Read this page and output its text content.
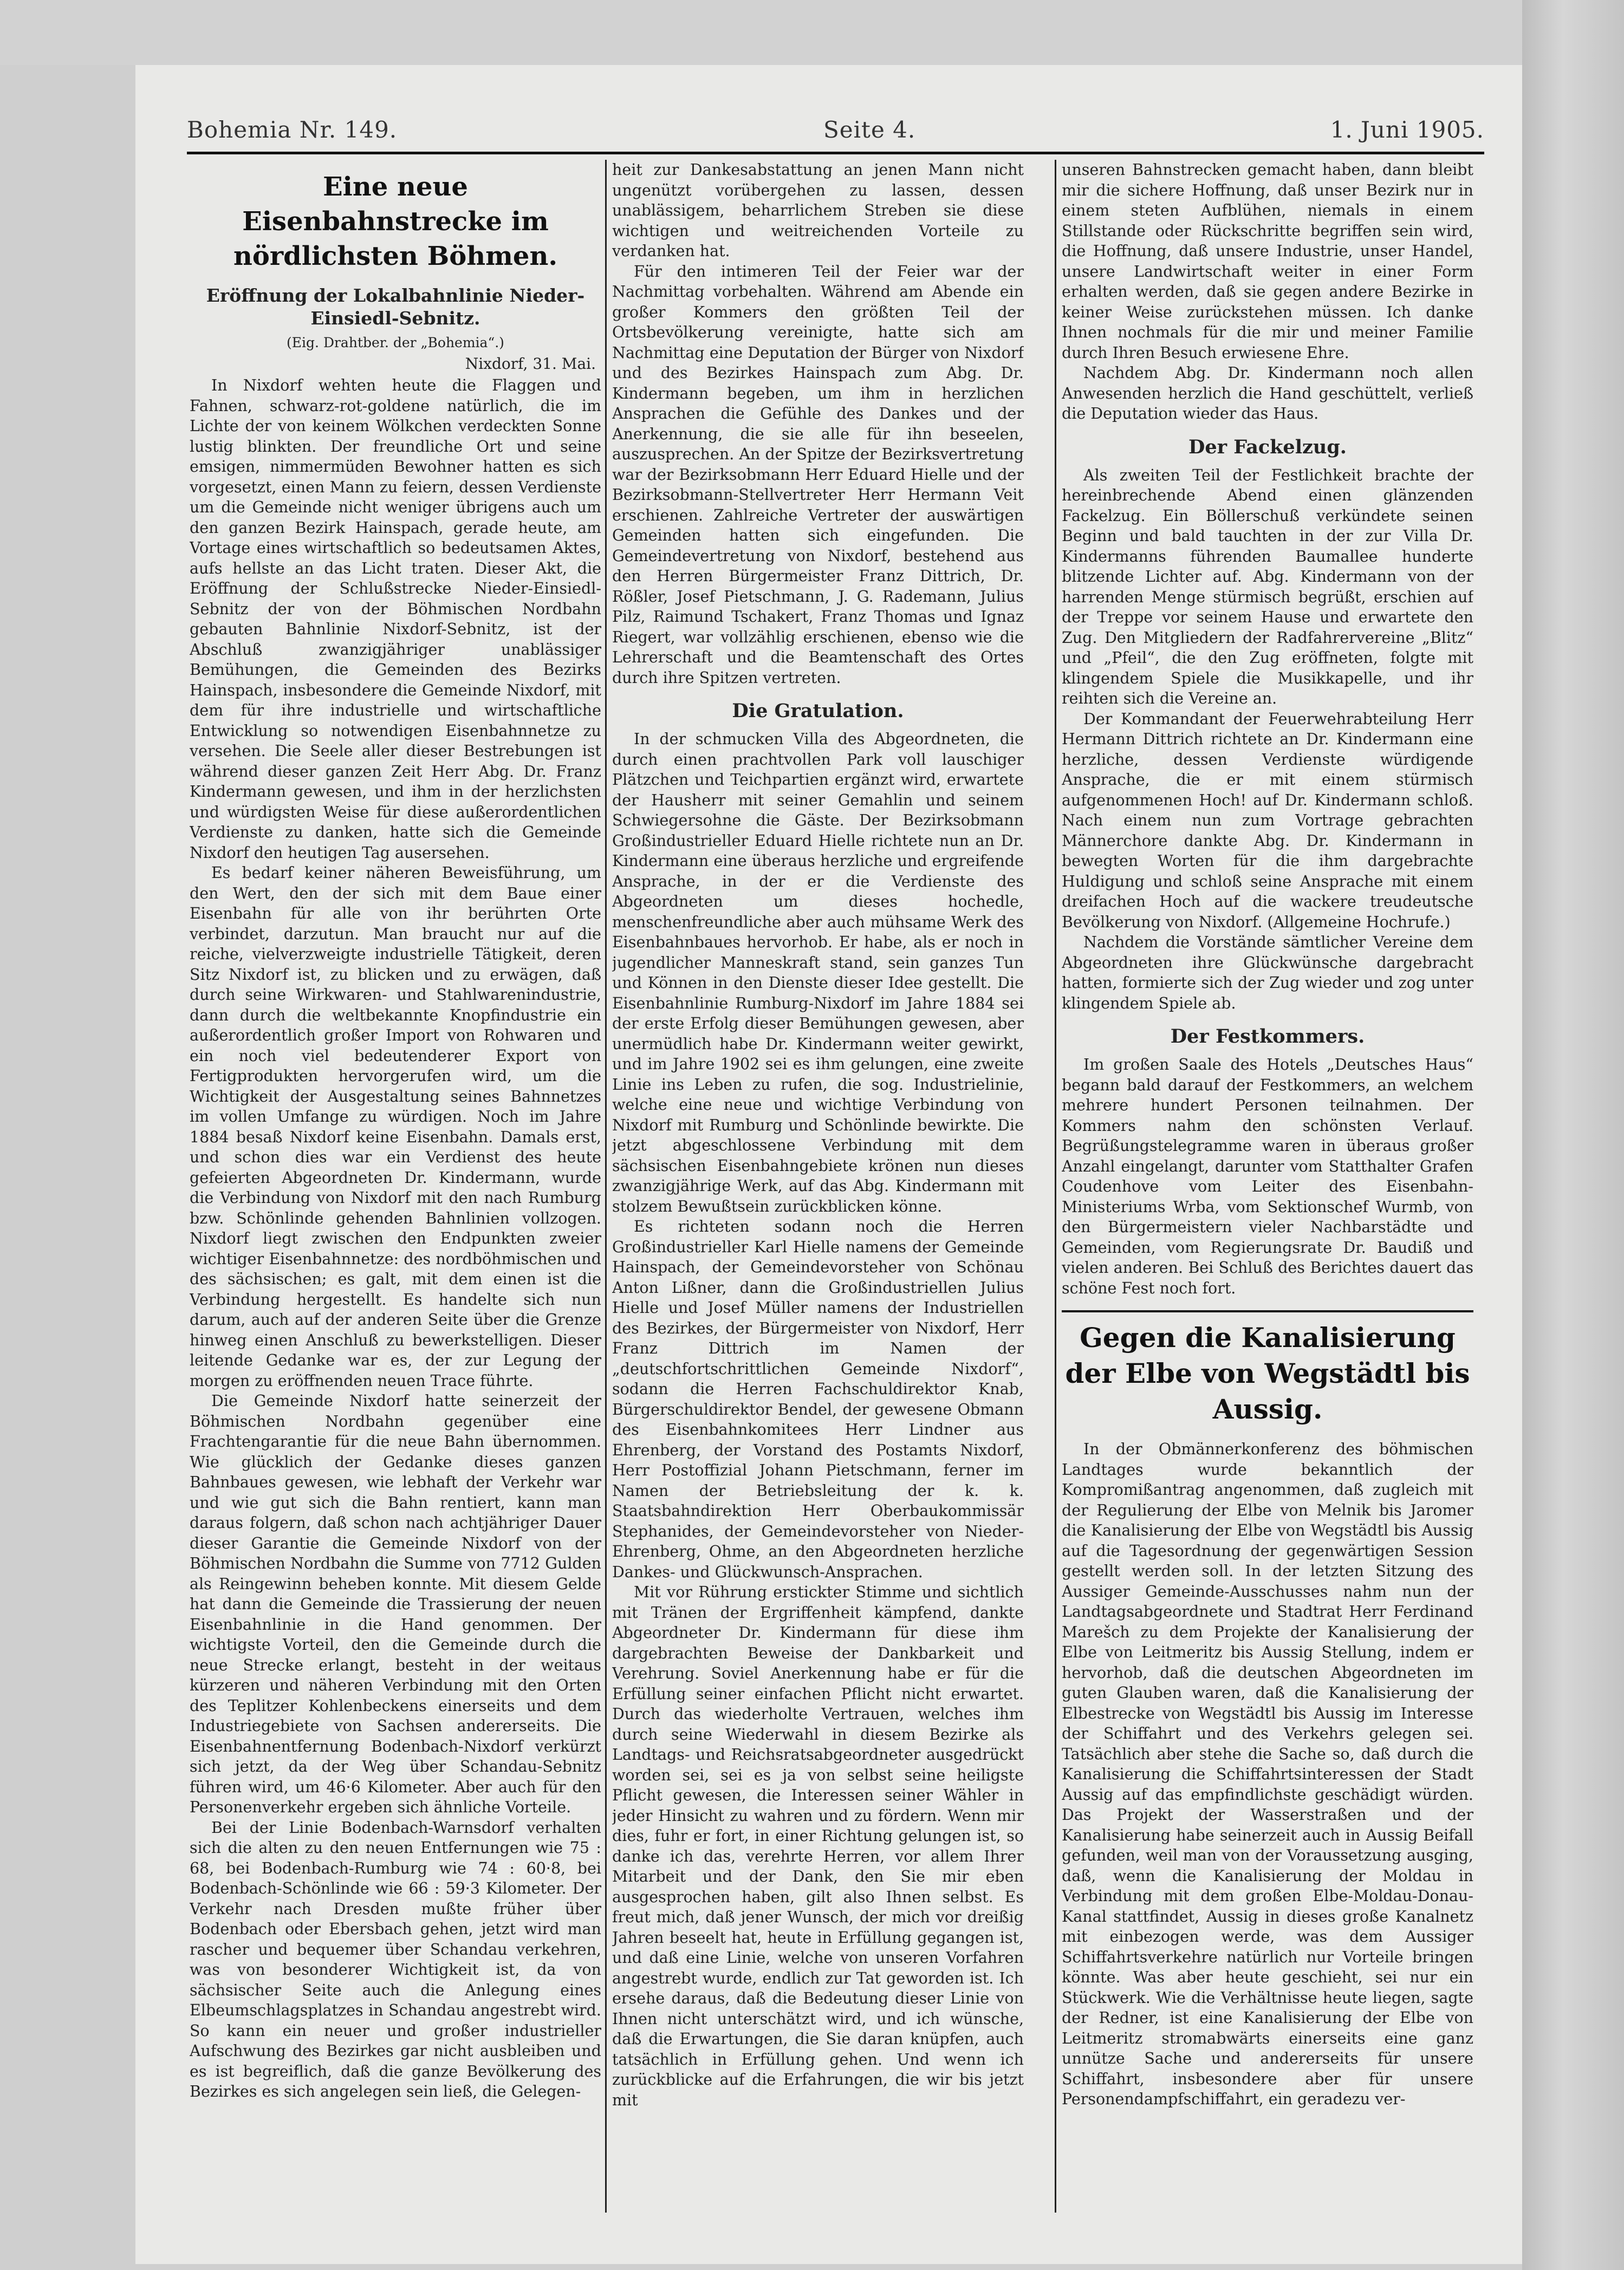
Bohemia Nr. 149.	Seite 4.	1. Juni 1905.
Eine neue Eisenbahnstrecke im nördlichsten Böhmen.
Eröffnung der Lokalbahnlinie Nieder-Einsiedl-Sebnitz.
(Eig. Drahtber. der „Bohemia“.)
Nixdorf, 31. Mai.

In Nixdorf wehten heute die Flaggen und Fahnen, schwarz-rot-goldene natürlich, die im Lichte der von keinem Wölkchen verdeckten Sonne lustig blinkten. Der freundliche Ort und seine emsigen, nimmermüden Bewohner hatten es sich vorgesetzt, einen Mann zu feiern, dessen Verdienste um die Gemeinde nicht weniger übrigens auch um den ganzen Bezirk Hainspach, gerade heute, am Vortage eines wirtschaftlich so bedeutsamen Aktes, aufs hellste an das Licht traten. Dieser Akt, die Eröffnung der Schlußstrecke Nieder-Einsiedl-Sebnitz der von der Böhmischen Nordbahn gebauten Bahnlinie Nixdorf-Sebnitz, ist der Abschluß zwanzigjähriger unablässiger Bemühungen, die Gemeinden des Bezirks Hainspach, insbesondere die Gemeinde Nixdorf, mit dem für ihre industrielle und wirtschaftliche Entwicklung so notwendigen Eisenbahnnetze zu versehen. Die Seele aller dieser Bestrebungen ist während dieser ganzen Zeit Herr Abg. Dr. Franz Kindermann gewesen, und ihm in der herzlichsten und würdigsten Weise für diese außerordentlichen Verdienste zu danken, hatte sich die Gemeinde Nixdorf den heutigen Tag ausersehen.

Es bedarf keiner näheren Beweisführung, um den Wert, den der sich mit dem Baue einer Eisenbahn für alle von ihr berührten Orte verbindet, darzutun. Man braucht nur auf die reiche, vielverzweigte industrielle Tätigkeit, deren Sitz Nixdorf ist, zu blicken und zu erwägen, daß durch seine Wirkwaren- und Stahlwarenindustrie, dann durch die weltbekannte Knopfindustrie ein außerordentlich großer Import von Rohwaren und ein noch viel bedeutenderer Export von Fertigprodukten hervorgerufen wird, um die Wichtigkeit der Ausgestaltung seines Bahnnetzes im vollen Umfange zu würdigen. Noch im Jahre 1884 besaß Nixdorf keine Eisenbahn. Damals erst, und schon dies war ein Verdienst des heute gefeierten Abgeordneten Dr. Kindermann, wurde die Verbindung von Nixdorf mit den nach Rumburg bzw. Schönlinde gehenden Bahnlinien vollzogen. Nixdorf liegt zwischen den Endpunkten zweier wichtiger Eisenbahnnetze: des nordböhmischen und des sächsischen; es galt, mit dem einen ist die Verbindung hergestellt. Es handelte sich nun darum, auch auf der anderen Seite über die Grenze hinweg einen Anschluß zu bewerkstelligen. Dieser leitende Gedanke war es, der zur Legung der morgen zu eröffnenden neuen Trace führte.

Die Gemeinde Nixdorf hatte seinerzeit der Böhmischen Nordbahn gegenüber eine Frachtengarantie für die neue Bahn übernommen. Wie glücklich der Gedanke dieses ganzen Bahnbaues gewesen, wie lebhaft der Verkehr war und wie gut sich die Bahn rentiert, kann man daraus folgern, daß schon nach achtjähriger Dauer dieser Garantie die Gemeinde Nixdorf von der Böhmischen Nordbahn die Summe von 7712 Gulden als Reingewinn beheben konnte. Mit diesem Gelde hat dann die Gemeinde die Trassierung der neuen Eisenbahnlinie in die Hand genommen. Der wichtigste Vorteil, den die Gemeinde durch die neue Strecke erlangt, besteht in der weitaus kürzeren und näheren Verbindung mit den Orten des Teplitzer Kohlenbeckens einerseits und dem Industriegebiete von Sachsen andererseits. Die Eisenbahnentfernung Bodenbach-Nixdorf verkürzt sich jetzt, da der Weg über Schandau-Sebnitz führen wird, um 46·6 Kilometer. Aber auch für den Personenverkehr ergeben sich ähnliche Vorteile.

Bei der Linie Bodenbach-Warnsdorf verhalten sich die alten zu den neuen Entfernungen wie 75 : 68, bei Bodenbach-Rumburg wie 74 : 60·8, bei Bodenbach-Schönlinde wie 66 : 59·3 Kilometer. Der Verkehr nach Dresden mußte früher über Bodenbach oder Ebersbach gehen, jetzt wird man rascher und bequemer über Schandau verkehren, was von besonderer Wichtigkeit ist, da von sächsischer Seite auch die Anlegung eines Elbeumschlagsplatzes in Schandau angestrebt wird. So kann ein neuer und großer industrieller Aufschwung des Bezirkes gar nicht ausbleiben und es ist begreiflich, daß die ganze Bevölkerung des Bezirkes es sich angelegen sein ließ, die Gelegen-

heit zur Dankesabstattung an jenen Mann nicht ungenützt vorübergehen zu lassen, dessen unablässigem, beharrlichem Streben sie diese wichtigen und weitreichenden Vorteile zu verdanken hat.

Für den intimeren Teil der Feier war der Nachmittag vorbehalten. Während am Abende ein großer Kommers den größten Teil der Ortsbevölkerung vereinigte, hatte sich am Nachmittag eine Deputation der Bürger von Nixdorf und des Bezirkes Hainspach zum Abg. Dr. Kindermann begeben, um ihm in herzlichen Ansprachen die Gefühle des Dankes und der Anerkennung, die sie alle für ihn beseelen, auszusprechen. An der Spitze der Bezirksvertretung war der Bezirksobmann Herr Eduard Hielle und der Bezirksobmann-Stellvertreter Herr Hermann Veit erschienen. Zahlreiche Vertreter der auswärtigen Gemeinden hatten sich eingefunden. Die Gemeindevertretung von Nixdorf, bestehend aus den Herren Bürgermeister Franz Dittrich, Dr. Rößler, Josef Pietschmann, J. G. Rademann, Julius Pilz, Raimund Tschakert, Franz Thomas und Ignaz Riegert, war vollzählig erschienen, ebenso wie die Lehrerschaft und die Beamtenschaft des Ortes durch ihre Spitzen vertreten.

Die Gratulation.

In der schmucken Villa des Abgeordneten, die durch einen prachtvollen Park voll lauschiger Plätzchen und Teichpartien ergänzt wird, erwartete der Hausherr mit seiner Gemahlin und seinem Schwiegersohne die Gäste. Der Bezirksobmann Großindustrieller Eduard Hielle richtete nun an Dr. Kindermann eine überaus herzliche und ergreifende Ansprache, in der er die Verdienste des Abgeordneten um dieses hochedle, menschenfreundliche aber auch mühsame Werk des Eisenbahnbaues hervorhob. Er habe, als er noch in jugendlicher Manneskraft stand, sein ganzes Tun und Können in den Dienste dieser Idee gestellt. Die Eisenbahnlinie Rumburg-Nixdorf im Jahre 1884 sei der erste Erfolg dieser Bemühungen gewesen, aber unermüdlich habe Dr. Kindermann weiter gewirkt, und im Jahre 1902 sei es ihm gelungen, eine zweite Linie ins Leben zu rufen, die sog. Industrielinie, welche eine neue und wichtige Verbindung von Nixdorf mit Rumburg und Schönlinde bewirkte. Die jetzt abgeschlossene Verbindung mit dem sächsischen Eisenbahngebiete krönen nun dieses zwanzigjährige Werk, auf das Abg. Kindermann mit stolzem Bewußtsein zurückblicken könne.

Es richteten sodann noch die Herren Großindustrieller Karl Hielle namens der Gemeinde Hainspach, der Gemeindevorsteher von Schönau Anton Lißner, dann die Großindustriellen Julius Hielle und Josef Müller namens der Industriellen des Bezirkes, der Bürgermeister von Nixdorf, Herr Franz Dittrich im Namen der „deutschfortschrittlichen Gemeinde Nixdorf“, sodann die Herren Fachschuldirektor Knab, Bürgerschuldirektor Bendel, der gewesene Obmann des Eisenbahnkomitees Herr Lindner aus Ehrenberg, der Vorstand des Postamts Nixdorf, Herr Postoffizial Johann Pietschmann, ferner im Namen der Betriebsleitung der k. k. Staatsbahndirektion Herr Oberbaukommissär Stephanides, der Gemeindevorsteher von Nieder-Ehrenberg, Ohme, an den Abgeordneten herzliche Dankes- und Glückwunsch-Ansprachen.

Mit vor Rührung erstickter Stimme und sichtlich mit Tränen der Ergriffenheit kämpfend, dankte Abgeordneter Dr. Kindermann für diese ihm dargebrachten Beweise der Dankbarkeit und Verehrung. Soviel Anerkennung habe er für die Erfüllung seiner einfachen Pflicht nicht erwartet. Durch das wiederholte Vertrauen, welches ihm durch seine Wiederwahl in diesem Bezirke als Landtags- und Reichsratsabgeordneter ausgedrückt worden sei, sei es ja von selbst seine heiligste Pflicht gewesen, die Interessen seiner Wähler in jeder Hinsicht zu wahren und zu fördern. Wenn mir dies, fuhr er fort, in einer Richtung gelungen ist, so danke ich das, verehrte Herren, vor allem Ihrer Mitarbeit und der Dank, den Sie mir eben ausgesprochen haben, gilt also Ihnen selbst. Es freut mich, daß jener Wunsch, der mich vor dreißig Jahren beseelt hat, heute in Erfüllung gegangen ist, und daß eine Linie, welche von unseren Vorfahren angestrebt wurde, endlich zur Tat geworden ist. Ich ersehe daraus, daß die Bedeutung dieser Linie von Ihnen nicht unterschätzt wird, und ich wünsche, daß die Erwartungen, die Sie daran knüpfen, auch tatsächlich in Erfüllung gehen. Und wenn ich zurückblicke auf die Erfahrungen, die wir bis jetzt mit

unseren Bahnstrecken gemacht haben, dann bleibt mir die sichere Hoffnung, daß unser Bezirk nur in einem steten Aufblühen, niemals in einem Stillstande oder Rückschritte begriffen sein wird, die Hoffnung, daß unsere Industrie, unser Handel, unsere Landwirtschaft weiter in einer Form erhalten werden, daß sie gegen andere Bezirke in keiner Weise zurückstehen müssen. Ich danke Ihnen nochmals für die mir und meiner Familie durch Ihren Besuch erwiesene Ehre.

Nachdem Abg. Dr. Kindermann noch allen Anwesenden herzlich die Hand geschüttelt, verließ die Deputation wieder das Haus.

Der Fackelzug.

Als zweiten Teil der Festlichkeit brachte der hereinbrechende Abend einen glänzenden Fackelzug. Ein Böllerschuß verkündete seinen Beginn und bald tauchten in der zur Villa Dr. Kindermanns führenden Baumallee hunderte blitzende Lichter auf. Abg. Kindermann von der harrenden Menge stürmisch begrüßt, erschien auf der Treppe vor seinem Hause und erwartete den Zug. Den Mitgliedern der Radfahrervereine „Blitz“ und „Pfeil“, die den Zug eröffneten, folgte mit klingendem Spiele die Musikkapelle, und ihr reihten sich die Vereine an.

Der Kommandant der Feuerwehrabteilung Herr Hermann Dittrich richtete an Dr. Kindermann eine herzliche, dessen Verdienste würdigende Ansprache, die er mit einem stürmisch aufgenommenen Hoch! auf Dr. Kindermann schloß. Nach einem nun zum Vortrage gebrachten Männerchore dankte Abg. Dr. Kindermann in bewegten Worten für die ihm dargebrachte Huldigung und schloß seine Ansprache mit einem dreifachen Hoch auf die wackere treudeutsche Bevölkerung von Nixdorf. (Allgemeine Hochrufe.)

Nachdem die Vorstände sämtlicher Vereine dem Abgeordneten ihre Glückwünsche dargebracht hatten, formierte sich der Zug wieder und zog unter klingendem Spiele ab.

Der Festkommers.

Im großen Saale des Hotels „Deutsches Haus“ begann bald darauf der Festkommers, an welchem mehrere hundert Personen teilnahmen. Der Kommers nahm den schönsten Verlauf. Begrüßungstelegramme waren in überaus großer Anzahl eingelangt, darunter vom Statthalter Grafen Coudenhove vom Leiter des Eisenbahn-Ministeriums Wrba, vom Sektionschef Wurmb, von den Bürgermeistern vieler Nachbarstädte und Gemeinden, vom Regierungsrate Dr. Baudiß und vielen anderen. Bei Schluß des Berichtes dauert das schöne Fest noch fort.

Gegen die Kanalisierung der Elbe von Wegstädtl bis Aussig.

In der Obmännerkonferenz des böhmischen Landtages wurde bekanntlich der Kompromißantrag angenommen, daß zugleich mit der Regulierung der Elbe von Melnik bis Jaromer die Kanalisierung der Elbe von Wegstädtl bis Aussig auf die Tagesordnung der gegenwärtigen Session gestellt werden soll. In der letzten Sitzung des Aussiger Gemeinde-Ausschusses nahm nun der Landtagsabgeordnete und Stadtrat Herr Ferdinand Marešch zu dem Projekte der Kanalisierung der Elbe von Leitmeritz bis Aussig Stellung, indem er hervorhob, daß die deutschen Abgeordneten im guten Glauben waren, daß die Kanalisierung der Elbestrecke von Wegstädtl bis Aussig im Interesse der Schiffahrt und des Verkehrs gelegen sei. Tatsächlich aber stehe die Sache so, daß durch die Kanalisierung die Schiffahrtsinteressen der Stadt Aussig auf das empfindlichste geschädigt würden. Das Projekt der Wasserstraßen und der Kanalisierung habe seinerzeit auch in Aussig Beifall gefunden, weil man von der Voraussetzung ausging, daß, wenn die Kanalisierung der Moldau in Verbindung mit dem großen Elbe-Moldau-Donau-Kanal stattfindet, Aussig in dieses große Kanalnetz mit einbezogen werde, was dem Aussiger Schiffahrtsverkehre natürlich nur Vorteile bringen könnte. Was aber heute geschieht, sei nur ein Stückwerk. Wie die Verhältnisse heute liegen, sagte der Redner, ist eine Kanalisierung der Elbe von Leitmeritz stromabwärts einerseits eine ganz unnütze Sache und andererseits für unsere Schiffahrt, insbesondere aber für unsere Personendampfschiffahrt, ein geradezu ver-
